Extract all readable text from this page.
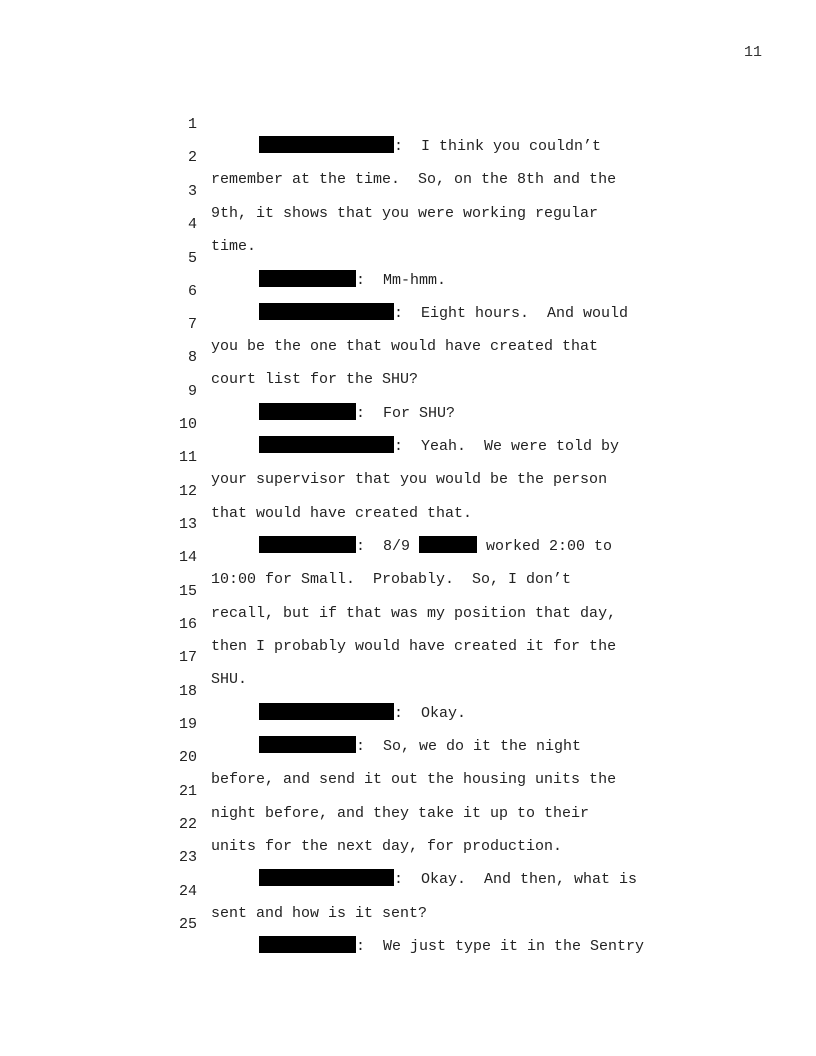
11

1

:  I think you couldn’t

2

remember at the time.  So, on the 8th and the

3

9th, it shows that you were working regular

4

time.

5

:  Mm-hmm.

6

:  Eight hours.  And would

7

you be the one that would have created that

8

court list for the SHU?

9

:  For SHU?

10

:  Yeah.  We were told by

11

your supervisor that you would be the person

12

that would have created that.

13

:  8/9	worked 2:00 to

14

10:00 for Small.  Probably.  So, I don’t

15

recall, but if that was my position that day,

16

then I probably would have created it for the

17

SHU.

18

:  Okay.

19

:  So, we do it the night

20

before, and send it out the housing units the

21

night before, and they take it up to their

22

units for the next day, for production.

23

:  Okay.  And then, what is

24

sent and how is it sent?

25

:  We just type it in the Sentry
